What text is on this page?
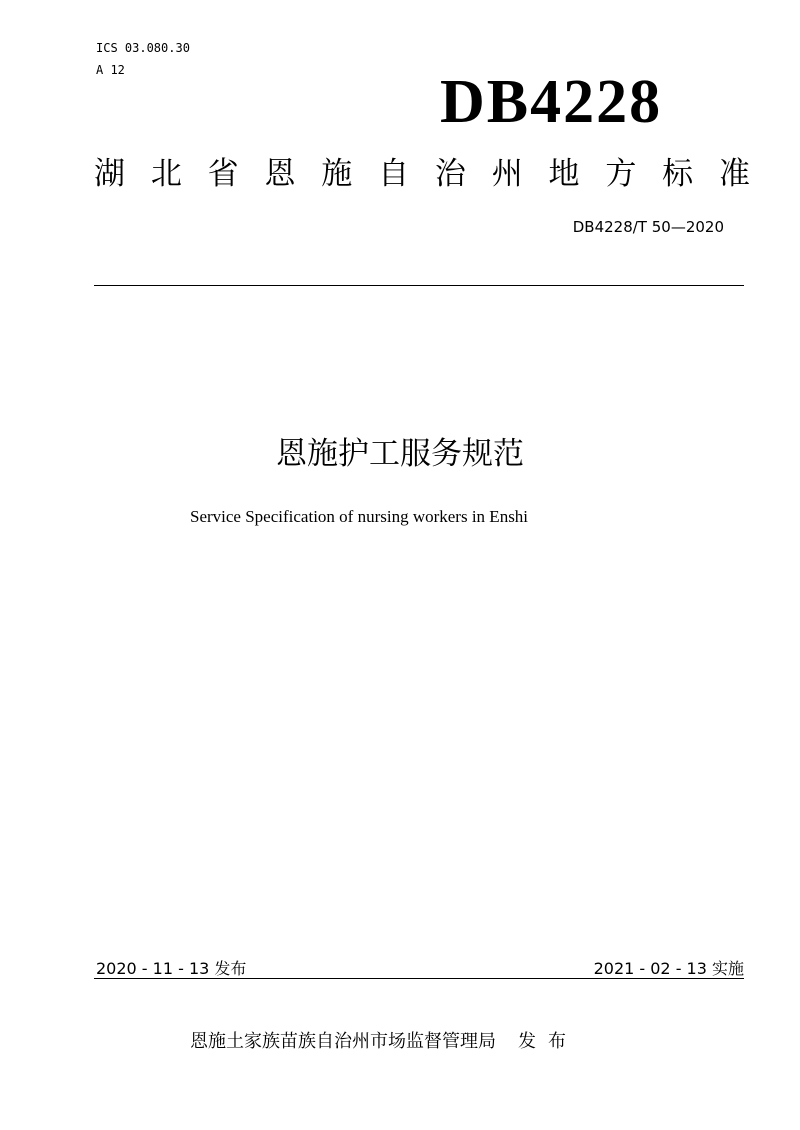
ICS 03.080.30
A 12	DB4228
湖 北 省 恩 施 自 治 州 地 方 标 准
DB4228/T 50—2020
恩施护工服务规范
Service Specification of nursing workers in Enshi
2020 - 11 - 13 发布	2021 - 02 - 13 实施
恩施土家族苗族自治州市场监督管理局 发 布
